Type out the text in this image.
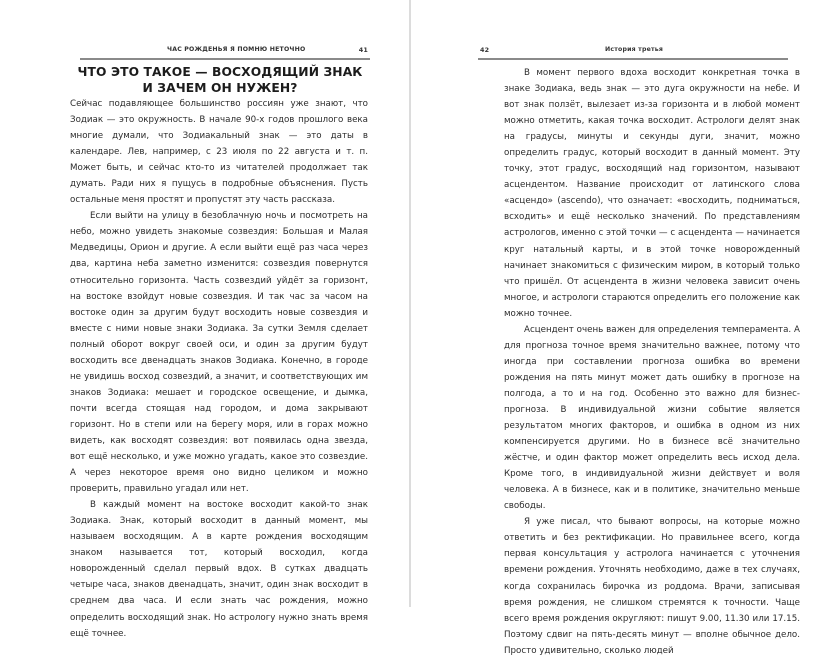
ЧАС РОЖДЕНЬЯ Я ПОМНЮ НЕТОЧНО	41
ЧТО ЭТО ТАКОЕ — ВОСХОДЯЩИЙ ЗНАК И ЗАЧЕМ ОН НУЖЕН?

Сейчас подавляющее большинство россиян уже знают, что Зодиак — это окружность. В начале 90-х годов прошлого века многие думали, что Зодиакальный знак — это даты в календаре. Лев, например, с 23 июля по 22 августа и т. п. Может быть, и сейчас кто-то из читателей продолжает так думать. Ради них я пущусь в подробные объяснения. Пусть остальные меня простят и пропустят эту часть рассказа.

Если выйти на улицу в безоблачную ночь и посмотреть на небо, можно увидеть знакомые созвездия: Большая и Малая Медведицы, Орион и другие. А если выйти ещё раз часа через два, картина неба заметно изменится: созвездия повернутся относительно горизонта. Часть созвездий уйдёт за горизонт, на востоке взойдут новые созвездия. И так час за часом на востоке один за другим будут восходить новые созвездия и вместе с ними новые знаки Зодиака. За сутки Земля сделает полный оборот вокруг своей оси, и один за другим будут восходить все двенадцать знаков Зодиака. Конечно, в городе не увидишь восход созвездий, а значит, и соответствующих им знаков Зодиака: мешает и городское освещение, и дымка, почти всегда стоящая над городом, и дома закрывают горизонт. Но в степи или на берегу моря, или в горах можно видеть, как восходят созвездия: вот появилась одна звезда, вот ещё несколько, и уже можно угадать, какое это созвездие. А через некоторое время оно видно целиком и можно проверить, правильно угадал или нет.

В каждый момент на востоке восходит какой-то знак Зодиака. Знак, который восходит в данный момент, мы называем восходящим. А в карте рождения восходящим знаком называется тот, который восходил, когда новорожденный сделал первый вдох. В сутках двадцать четыре часа, знаков двенадцать, значит, один знак восходит в среднем два часа. И если знать час рождения, можно определить восходящий знак. Но астрологу нужно знать время ещё точнее.

42	История третья

В момент первого вдоха восходит конкретная точка в знаке Зодиака, ведь знак — это дуга окружности на небе. И вот знак ползёт, вылезает из-за горизонта и в любой момент можно отметить, какая точка восходит. Астрологи делят знак на градусы, минуты и секунды дуги, значит, можно определить градус, который восходит в данный момент. Эту точку, этот градус, восходящий над горизонтом, называют асцендентом. Название происходит от латинского слова «асцендо» (ascendo), что означает: «восходить, подниматься, всходить» и ещё несколько значений. По представлениям астрологов, именно с этой точки — с асцендента — начинается круг натальный карты, и в этой точке новорожденный начинает знакомиться с физическим миром, в который только что пришёл. От асцендента в жизни человека зависит очень многое, и астрологи стараются определить его положение как можно точнее.

Асцендент очень важен для определения темперамента. А для прогноза точное время значительно важнее, потому что иногда при составлении прогноза ошибка во времени рождения на пять минут может дать ошибку в прогнозе на полгода, а то и на год. Особенно это важно для бизнес-прогноза. В индивидуальной жизни событие является результатом многих факторов, и ошибка в одном из них компенсируется другими. Но в бизнесе всё значительно жёстче, и один фактор может определить весь исход дела. Кроме того, в индивидуальной жизни действует и воля человека. А в бизнесе, как и в политике, значительно меньше свободы.

Я уже писал, что бывают вопросы, на которые можно ответить и без ректификации. Но правильнее всего, когда первая консультация у астролога начинается с уточнения времени рождения. Уточнять необходимо, даже в тех случаях, когда сохранилась бирочка из роддома. Врачи, записывая время рождения, не слишком стремятся к точности. Чаще всего время рождения округляют: пишут 9.00, 11.30 или 17.15. Поэтому сдвиг на пять-десять минут — вполне обычное дело. Просто удивительно, сколько людей
